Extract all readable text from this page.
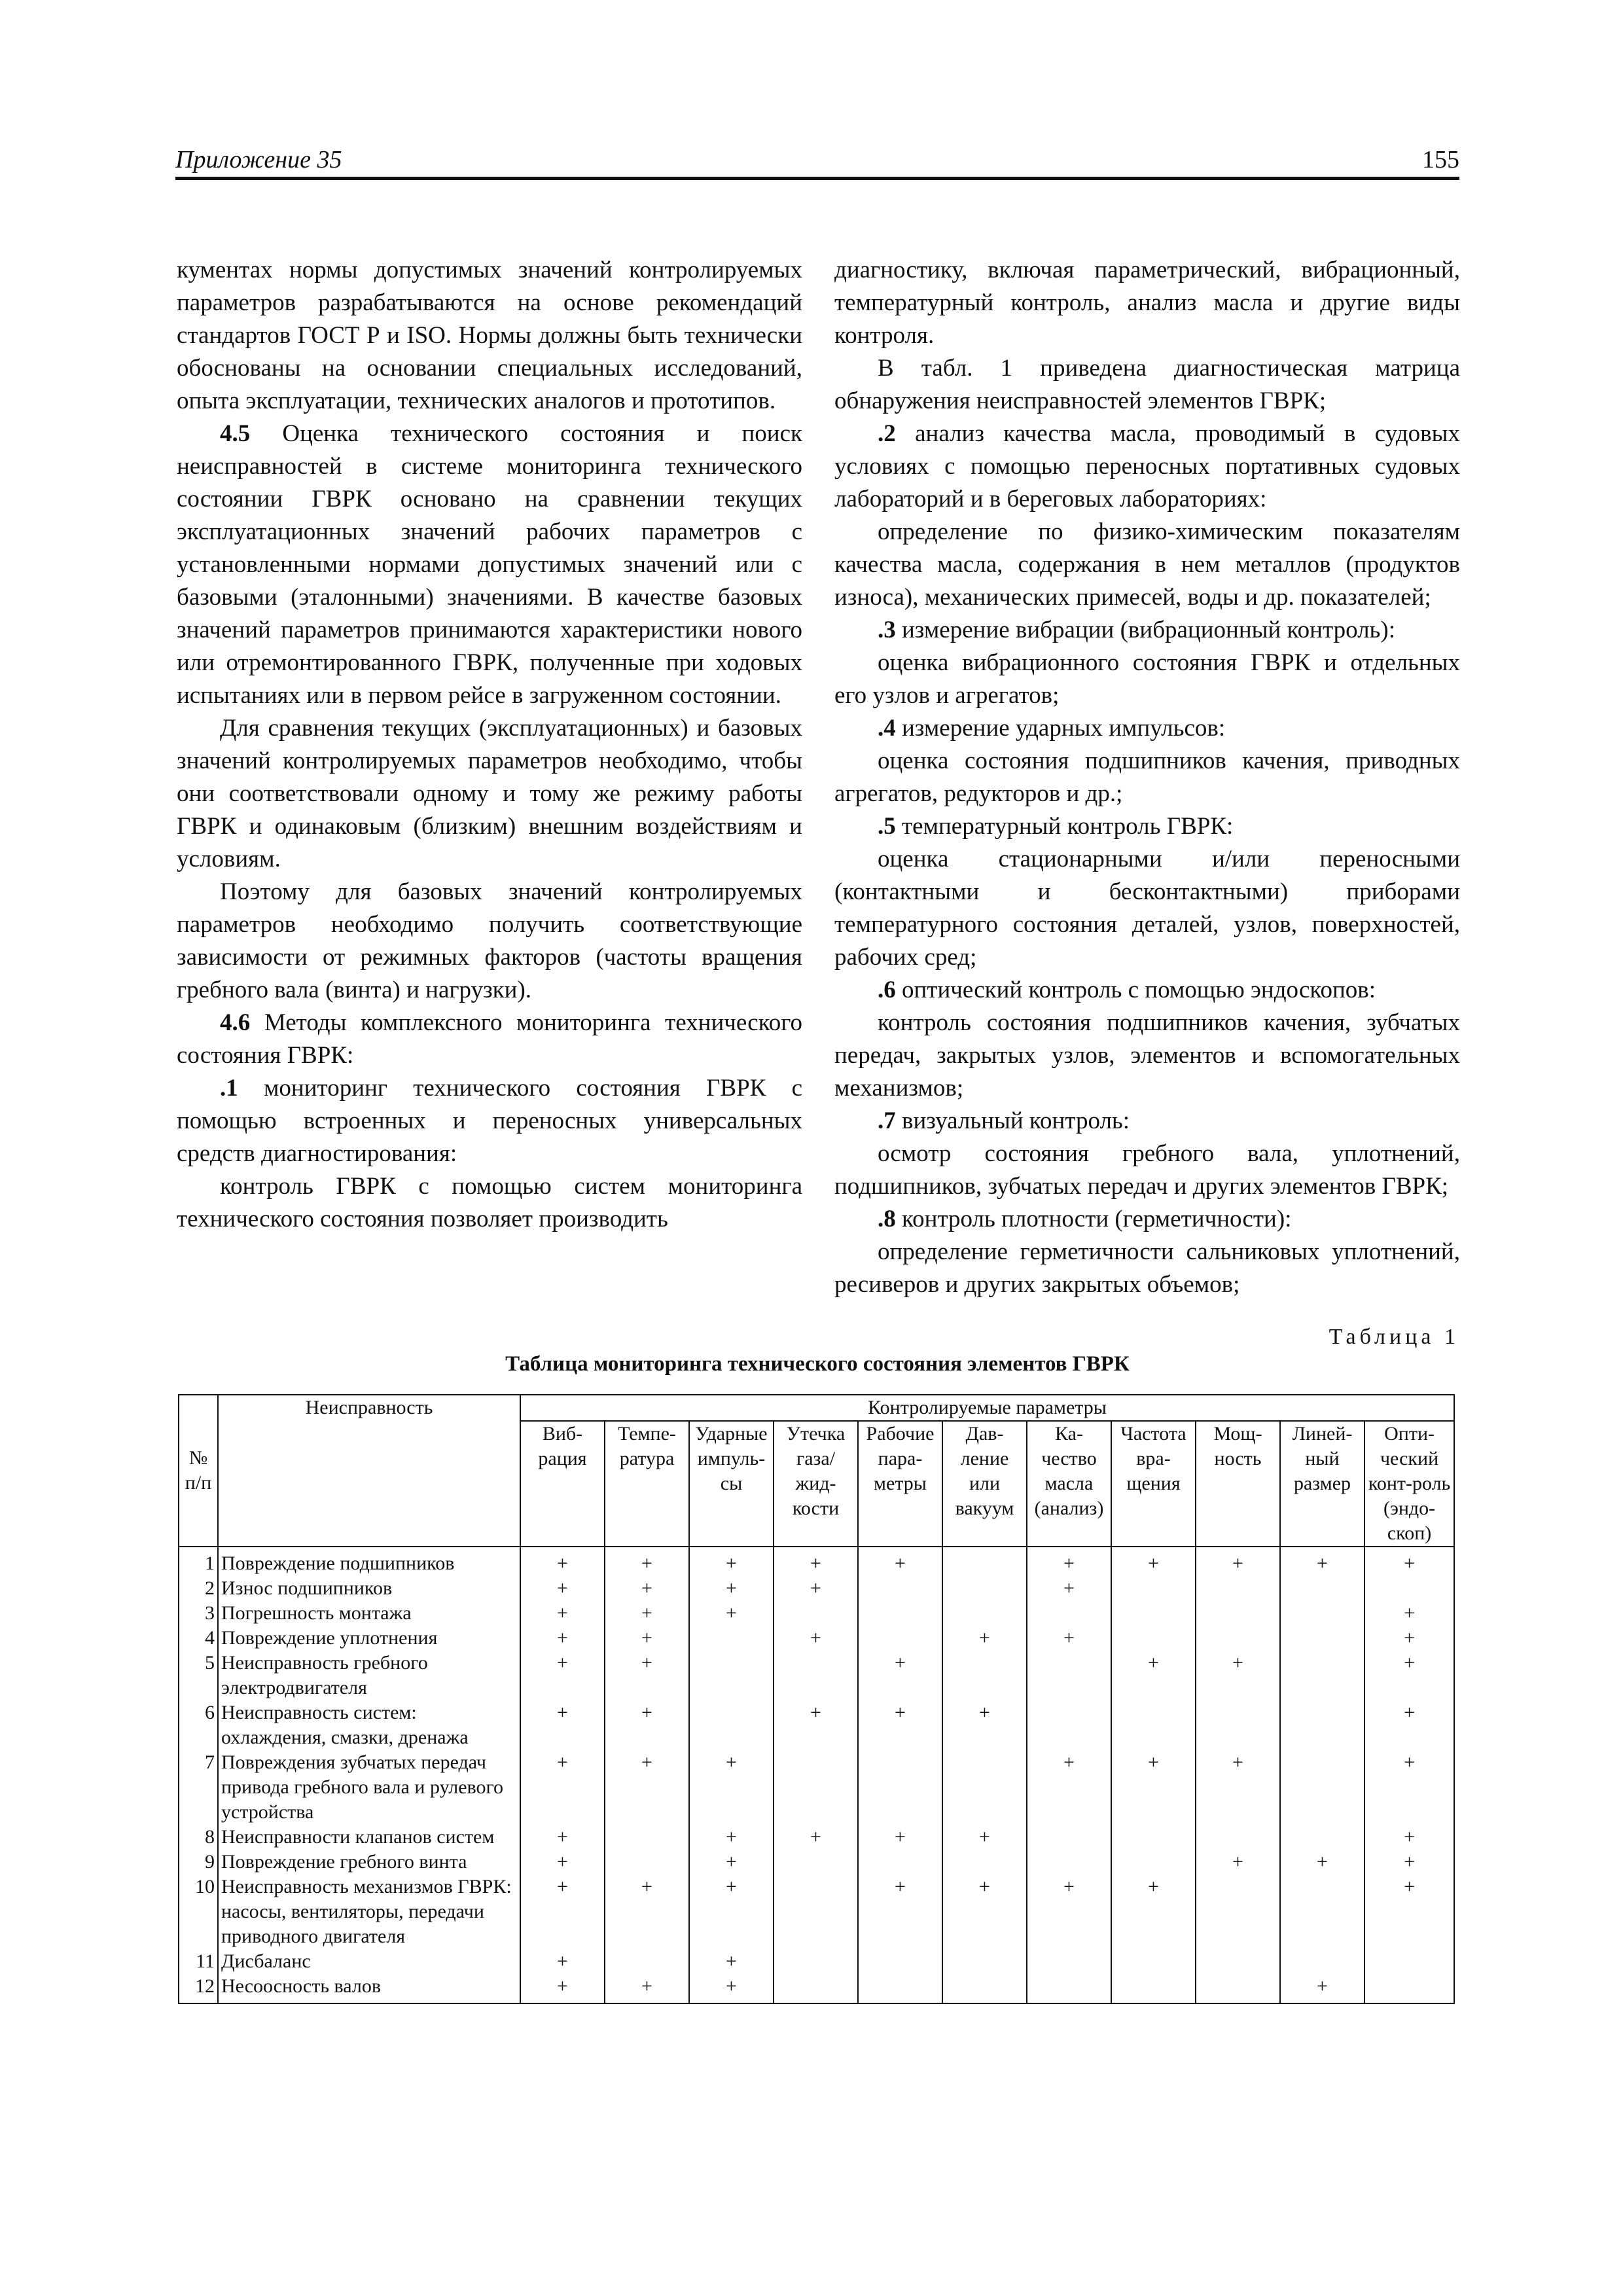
Приложение 35	155

кументах нормы допустимых значений контролируемых параметров разрабатываются на основе рекомендаций стандартов ГОСТ Р и ISO. Нормы должны быть технически обоснованы на основании специальных исследований, опыта эксплуатации, технических аналогов и прототипов.

4.5 Оценка технического состояния и поиск неисправностей в системе мониторинга технического состоянии ГВРК основано на сравнении текущих эксплуатационных значений рабочих параметров с установленными нормами допустимых значений или с базовыми (эталонными) значениями. В качестве базовых значений параметров принимаются характеристики нового или отремонтированного ГВРК, полученные при ходовых испытаниях или в первом рейсе в загруженном состоянии.

Для сравнения текущих (эксплуатационных) и базовых значений контролируемых параметров необходимо, чтобы они соответствовали одному и тому же режиму работы ГВРК и одинаковым (близким) внешним воздействиям и условиям.

Поэтому для базовых значений контролируемых параметров необходимо получить соответствующие зависимости от режимных факторов (частоты вращения гребного вала (винта) и нагрузки).

4.6 Методы комплексного мониторинга технического состояния ГВРК:

.1 мониторинг технического состояния ГВРК с помощью встроенных и переносных универсальных средств диагностирования:

контроль ГВРК с помощью систем мониторинга технического состояния позволяет производить

диагностику, включая параметрический, вибрационный, температурный контроль, анализ масла и другие виды контроля.

В табл. 1 приведена диагностическая матрица обнаружения неисправностей элементов ГВРК;

.2 анализ качества масла, проводимый в судовых условиях с помощью переносных портативных судовых лабораторий и в береговых лабораториях:

определение по физико-химическим показателям качества масла, содержания в нем металлов (продуктов износа), механических примесей, воды и др. показателей;

.3 измерение вибрации (вибрационный контроль):

оценка вибрационного состояния ГВРК и отдельных его узлов и агрегатов;

.4 измерение ударных импульсов:

оценка состояния подшипников качения, приводных агрегатов, редукторов и др.;

.5 температурный контроль ГВРК:

оценка стационарными и/или переносными (контактными и бесконтактными) приборами температурного состояния деталей, узлов, поверхностей, рабочих сред;

.6 оптический контроль с помощью эндоскопов:

контроль состояния подшипников качения, зубчатых передач, закрытых узлов, элементов и вспомогательных механизмов;

.7 визуальный контроль:

осмотр состояния гребного вала, уплотнений, подшипников, зубчатых передач и других элементов ГВРК;

.8 контроль плотности (герметичности):

определение герметичности сальниковых уплотнений, ресиверов и других закрытых объемов;

Таблица 1
Таблица мониторинга технического состояния элементов ГВРК
№ п/п	Неисправность	Контролируемые параметры										
		Виб-рация	Темпе-ратура	Ударные импуль-сы	Утечка газа/ жид-кости	Рабочие пара-метры	Дав-ление или вакуум	Ка-чество масла (анализ)	Частота вра-щения	Мощ-ность	Линей-ный размер	Опти-ческий конт-роль (эндо-скоп)
1	Повреждение подшипников	+	+	+	+	+		+	+	+	+	+
2	Износ подшипников	+	+	+	+			+				
3	Погрешность монтажа	+	+	+								+
4	Повреждение уплотнения	+	+		+		+	+				+
5	Неисправность гребного электродвигателя	+	+			+			+	+		+
6	Неисправность систем: охлаждения, смазки, дренажа	+	+		+	+	+					+
7	Повреждения зубчатых передач привода гребного вала и рулевого устройства	+	+	+				+	+	+		+
8	Неисправности клапанов систем	+		+	+	+	+					+
9	Повреждение гребного винта	+		+						+	+	+
10	Неисправность механизмов ГВРК: насосы, вентиляторы, передачи приводного двигателя	+	+	+		+	+	+	+			+
11	Дисбаланс	+		+								
12	Несоосность валов	+	+	+							+	
